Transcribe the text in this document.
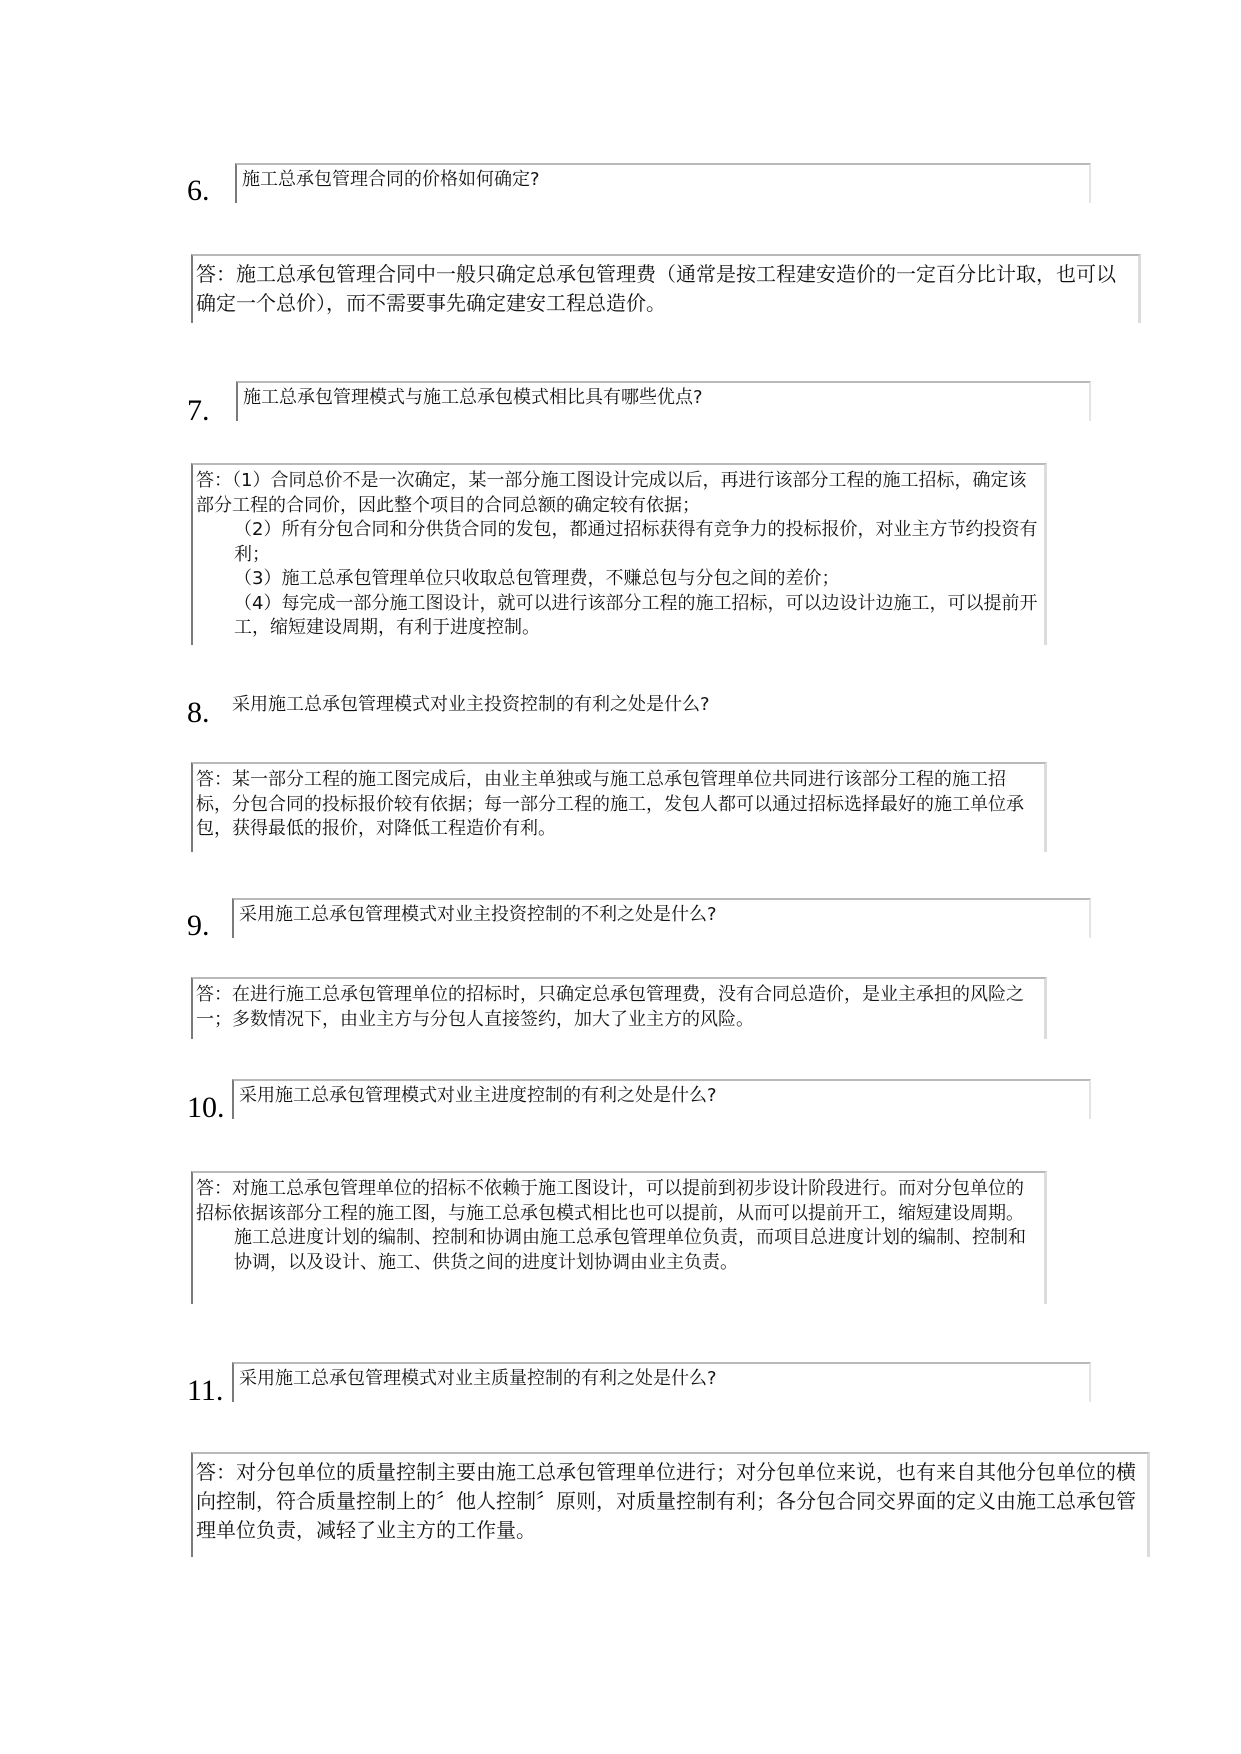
6.	施工总承包管理合同的价格如何确定?

答：施工总承包管理合同中一般只确定总承包管理费（通常是按工程建安造价的一定百分比计取，也可以确定一个总价），而不需要事先确定建安工程总造价。

7.	施工总承包管理模式与施工总承包模式相比具有哪些优点?

答：（1）合同总价不是一次确定，某一部分施工图设计完成以后，再进行该部分工程的施工招标，确定该部分工程的合同价，因此整个项目的合同总额的确定较有依据；

（2）所有分包合同和分供货合同的发包，都通过招标获得有竞争力的投标报价，对业主方节约投资有利；

（3）施工总承包管理单位只收取总包管理费，不赚总包与分包之间的差价；

（4）每完成一部分施工图设计，就可以进行该部分工程的施工招标，可以边设计边施工，可以提前开工，缩短建设周期，有利于进度控制。

8. 采用施工总承包管理模式对业主投资控制的有利之处是什么?

答：某一部分工程的施工图完成后，由业主单独或与施工总承包管理单位共同进行该部分工程的施工招标，分包合同的投标报价较有依据；每一部分工程的施工，发包人都可以通过招标选择最好的施工单位承包，获得最低的报价，对降低工程造价有利。

9.	采用施工总承包管理模式对业主投资控制的不利之处是什么?

答：在进行施工总承包管理单位的招标时，只确定总承包管理费，没有合同总造价，是业主承担的风险之一；多数情况下，由业主方与分包人直接签约，加大了业主方的风险。

10. 采用施工总承包管理模式对业主进度控制的有利之处是什么?

答：对施工总承包管理单位的招标不依赖于施工图设计，可以提前到初步设计阶段进行。而对分包单位的招标依据该部分工程的施工图，与施工总承包模式相比也可以提前，从而可以提前开工，缩短建设周期。

施工总进度计划的编制、控制和协调由施工总承包管理单位负责，而项目总进度计划的编制、控制和协调，以及设计、施工、供货之间的进度计划协调由业主负责。

11. 采用施工总承包管理模式对业主质量控制的有利之处是什么?

答：对分包单位的质量控制主要由施工总承包管理单位进行；对分包单位来说，也有来自其他分包单位的横向控制，符合质量控制上的〞他人控制〞原则，对质量控制有利；各分包合同交界面的定义由施工总承包管理单位负责，减轻了业主方的工作量。
